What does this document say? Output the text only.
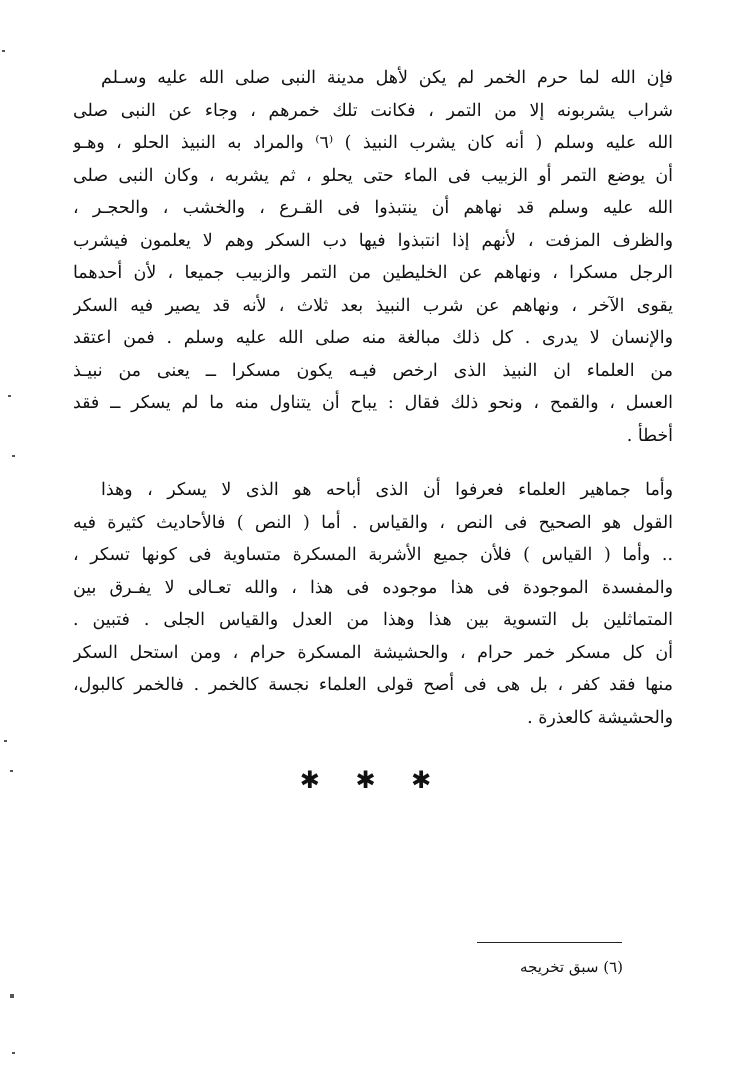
فإن الله لما حرم الخمر لم يكن لأهل مدينة النبى صلى الله عليه وسـلم
شراب يشربونه إلا من التمر ، فكانت تلك خمرهم ، وجاء عن النبى صلى
الله عليه وسلم ( أنه كان يشرب النبيذ ) ⁽٦⁾ والمراد به النبيذ الحلو ، وهـو
أن يوضع التمر أو الزبيب فى الماء حتى يحلو ، ثم يشربه ، وكان النبى صلى
الله عليه وسلم قد نهاهم أن ينتبذوا فى القـرع ، والخشب ، والحجـر ،
والظرف المزفت ، لأنهم إذا انتبذوا فيها دب السكر وهم لا يعلمون فيشرب
الرجل مسكرا ، ونهاهم عن الخليطين من التمر والزبيب جميعا ، لأن أحدهما
يقوى الآخر ، ونهاهم عن شرب النبيذ بعد ثلاث ، لأنه قد يصير فيه السكر
والإنسان لا يدرى . كل ذلك مبالغة منه صلى الله عليه وسلم . فمن اعتقد
من العلماء ان النبيذ الذى ارخص فيـه يكون مسكرا ــ يعنى من نبيـذ
العسل ، والقمح ، ونحو ذلك فقال : يباح أن يتناول منه ما لم يسكر ــ فقد
أخطأ .
وأما جماهير العلماء فعرفوا أن الذى أباحه هو الذى لا يسكر ، وهذا
القول هو الصحيح فى النص ، والقياس . أما ( النص ) فالأحاديث كثيرة فيه
.. وأما ( القياس ) فلأن جميع الأشربة المسكرة متساوية فى كونها تسكر ،
والمفسدة الموجودة فى هذا موجوده فى هذا ، والله تعـالى لا يفـرق بين
المتماثلين بل التسوية بين هذا وهذا من العدل والقياس الجلى . فتبين .
أن كل مسكر خمر حرام ، والحشيشة المسكرة حرام ، ومن استحل السكر
منها فقد كفر ، بل هى فى أصح قولى العلماء نجسة كالخمر . فالخمر كالبول،
والحشيشة كالعذرة .
✱ ✱ ✱
(٦) سبق تخريجه
